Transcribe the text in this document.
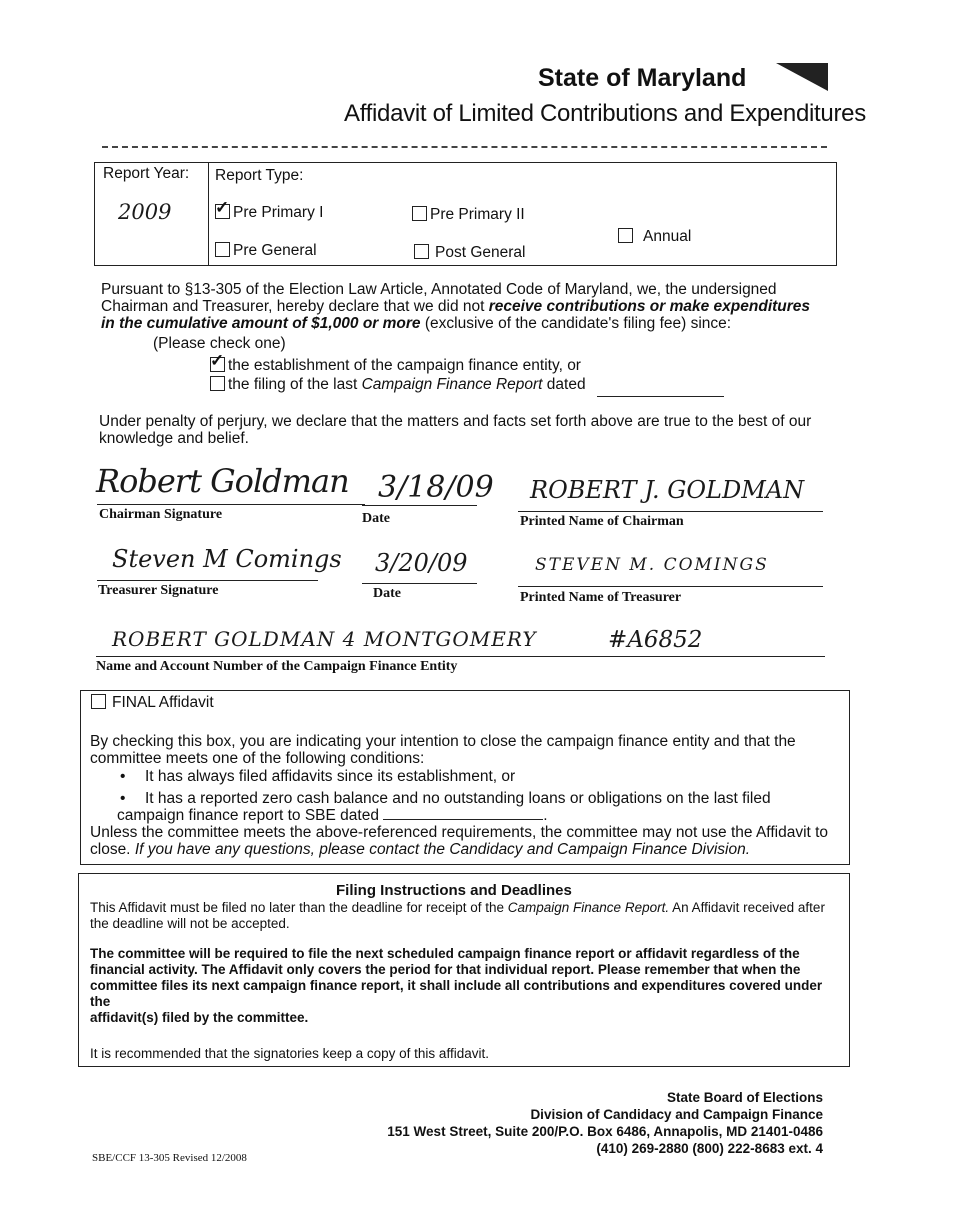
State of Maryland
Affidavit of Limited Contributions and Expenditures
Report Year:
2009
Report Type:
✓ Pre Primary I	Pre Primary II
Annual
Pre General	Post General
Pursuant to §13-305 of the Election Law Article, Annotated Code of Maryland, we, the undersigned
Chairman and Treasurer, hereby declare that we did not receive contributions or make expenditures
in the cumulative amount of $1,000 or more (exclusive of the candidate's filing fee) since:
(Please check one)
✓ the establishment of the campaign finance entity, or
the filing of the last Campaign Finance Report dated
Under penalty of perjury, we declare that the matters and facts set forth above are true to the best of our
knowledge and belief.
Robert Goldman
Chairman Signature
3/18/09
Date
ROBERT J. GOLDMAN
Printed Name of Chairman
Steven M Comings
Treasurer Signature
3/20/09
Date
STEVEN M. COMINGS
Printed Name of Treasurer
ROBERT GOLDMAN 4 MONTGOMERY	#A6852
Name and Account Number of the Campaign Finance Entity
FINAL Affidavit
By checking this box, you are indicating your intention to close the campaign finance entity and that the
committee meets one of the following conditions:
• It has always filed affidavits since its establishment, or
• It has a reported zero cash balance and no outstanding loans or obligations on the last filed
campaign finance report to SBE dated	.
Unless the committee meets the above-referenced requirements, the committee may not use the Affidavit to
close. If you have any questions, please contact the Candidacy and Campaign Finance Division.
Filing Instructions and Deadlines
This Affidavit must be filed no later than the deadline for receipt of the Campaign Finance Report. An Affidavit received after
the deadline will not be accepted.
The committee will be required to file the next scheduled campaign finance report or affidavit regardless of the
financial activity. The Affidavit only covers the period for that individual report. Please remember that when the
committee files its next campaign finance report, it shall include all contributions and expenditures covered under the
affidavit(s) filed by the committee.
It is recommended that the signatories keep a copy of this affidavit.
State Board of Elections
Division of Candidacy and Campaign Finance
151 West Street, Suite 200/P.O. Box 6486, Annapolis, MD 21401-0486
(410) 269-2880 (800) 222-8683 ext. 4
SBE/CCF 13-305 Revised 12/2008
